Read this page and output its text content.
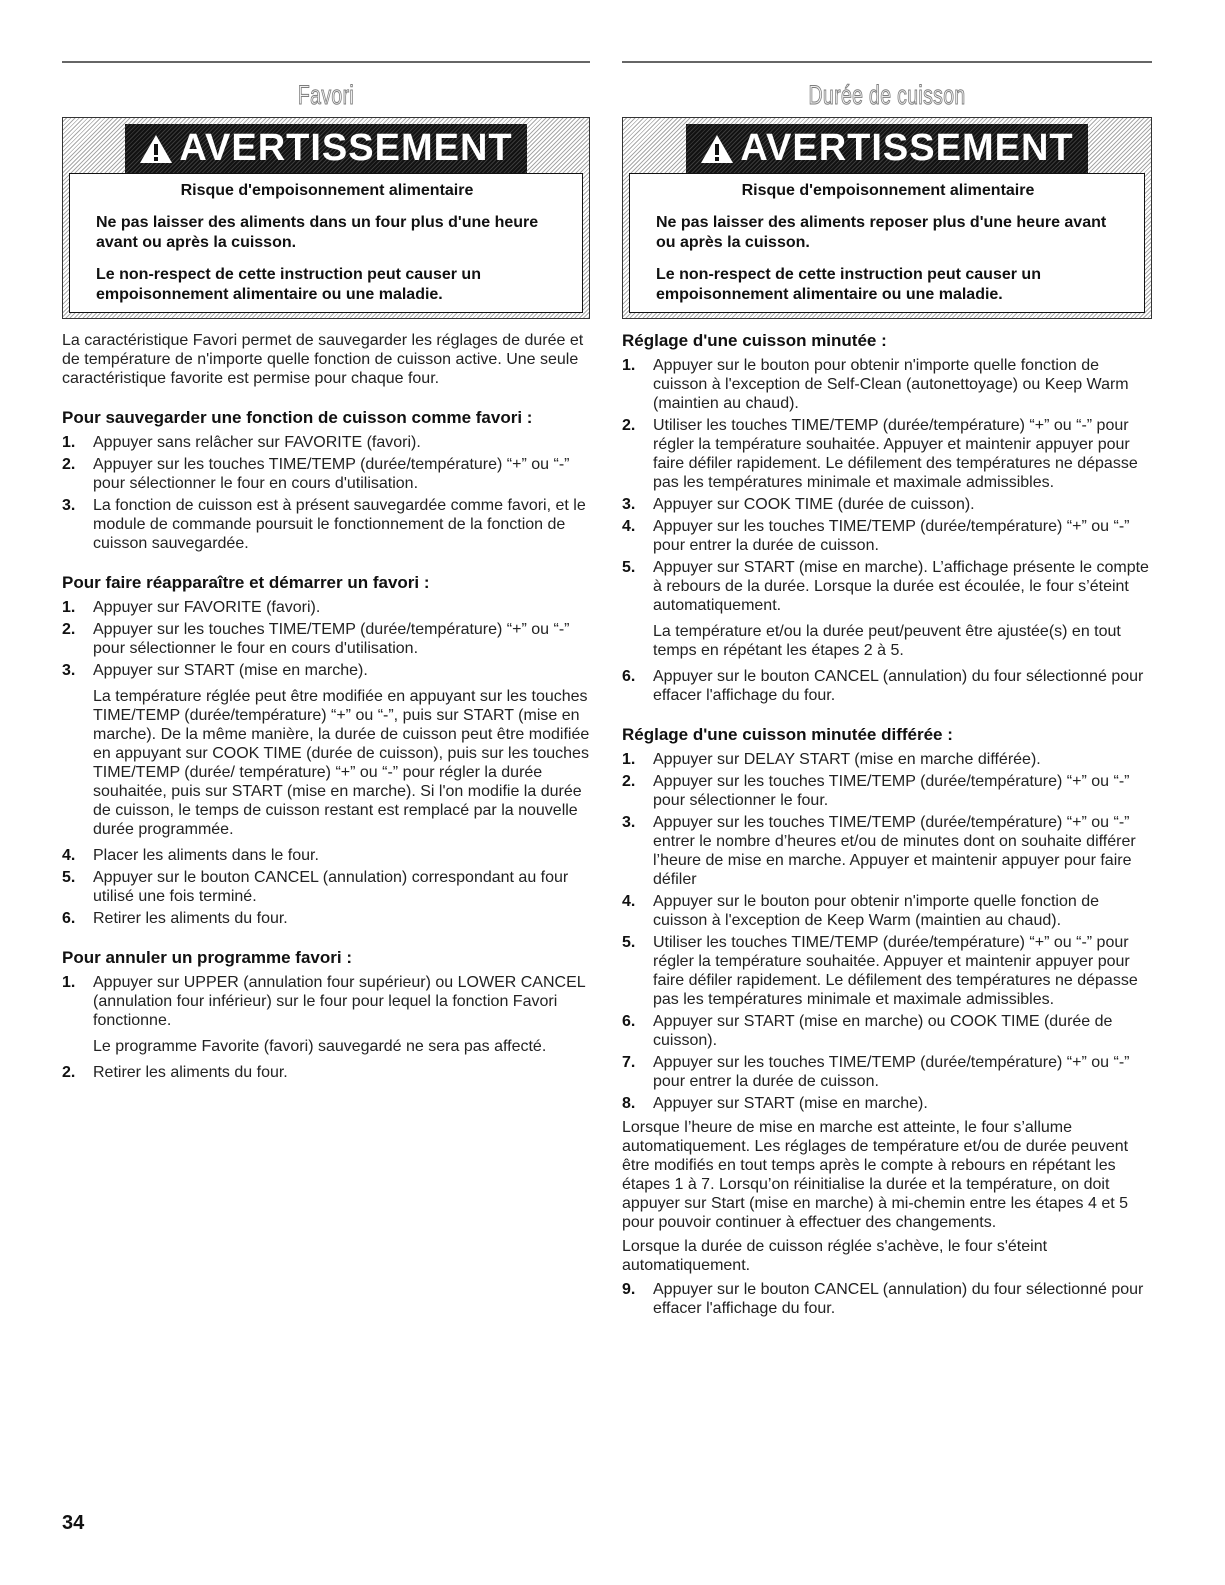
Favori	Durée de cuisson
AVERTISSEMENT

Risque d'empoisonnement alimentaire

Ne pas laisser des aliments dans un four plus d'une heure avant ou après la cuisson.

Le non-respect de cette instruction peut causer un empoisonnement alimentaire ou une maladie.

AVERTISSEMENT

Risque d'empoisonnement alimentaire

Ne pas laisser des aliments reposer plus d'une heure avant ou après la cuisson.

Le non-respect de cette instruction peut causer un empoisonnement alimentaire ou une maladie.

La caractéristique Favori permet de sauvegarder les réglages de durée et de température de n'importe quelle fonction de cuisson active. Une seule caractéristique favorite est permise pour chaque four.

Pour sauvegarder une fonction de cuisson comme favori :
1.	Appuyer sans relâcher sur FAVORITE (favori).
2.	Appuyer sur les touches TIME/TEMP (durée/température) “+” ou “-” pour sélectionner le four en cours d'utilisation.
3.	La fonction de cuisson est à présent sauvegardée comme favori, et le module de commande poursuit le fonctionnement de la fonction de cuisson sauvegardée.
Pour faire réapparaître et démarrer un favori :
1.	Appuyer sur FAVORITE (favori).
2.	Appuyer sur les touches TIME/TEMP (durée/température) “+” ou “-” pour sélectionner le four en cours d'utilisation.
3.	Appuyer sur START (mise en marche).

La température réglée peut être modifiée en appuyant sur les touches TIME/TEMP (durée/température) “+” ou “-”, puis sur START (mise en marche). De la même manière, la durée de cuisson peut être modifiée en appuyant sur COOK TIME (durée de cuisson), puis sur les touches TIME/TEMP (durée/ température) “+” ou “-” pour régler la durée souhaitée, puis sur START (mise en marche). Si l'on modifie la durée de cuisson, le temps de cuisson restant est remplacé par la nouvelle durée programmée.

4.	Placer les aliments dans le four.
5.	Appuyer sur le bouton CANCEL (annulation) correspondant au four utilisé une fois terminé.
6.	Retirer les aliments du four.
Pour annuler un programme favori :
1.	Appuyer sur UPPER (annulation four supérieur) ou LOWER CANCEL (annulation four inférieur) sur le four pour lequel la fonction Favori fonctionne.

Le programme Favorite (favori) sauvegardé ne sera pas affecté.

2.	Retirer les aliments du four.
Réglage d'une cuisson minutée :
1.	Appuyer sur le bouton pour obtenir n'importe quelle fonction de cuisson à l'exception de Self-Clean (autonettoyage) ou Keep Warm (maintien au chaud).
2.	Utiliser les touches TIME/TEMP (durée/température) “+” ou “-” pour régler la température souhaitée. Appuyer et maintenir appuyer pour faire défiler rapidement. Le défilement des températures ne dépasse pas les températures minimale et maximale admissibles.
3.	Appuyer sur COOK TIME (durée de cuisson).
4.	Appuyer sur les touches TIME/TEMP (durée/température) “+” ou “-” pour entrer la durée de cuisson.
5.	Appuyer sur START (mise en marche). L’affichage présente le compte à rebours de la durée. Lorsque la durée est écoulée, le four s’éteint automatiquement.

La température et/ou la durée peut/peuvent être ajustée(s) en tout temps en répétant les étapes 2 à 5.

6.	Appuyer sur le bouton CANCEL (annulation) du four sélectionné pour effacer l'affichage du four.
Réglage d'une cuisson minutée différée :
1.	Appuyer sur DELAY START (mise en marche différée).
2.	Appuyer sur les touches TIME/TEMP (durée/température) “+” ou “-” pour sélectionner le four.
3.	Appuyer sur les touches TIME/TEMP (durée/température) “+” ou “-” entrer le nombre d’heures et/ou de minutes dont on souhaite différer l’heure de mise en marche. Appuyer et maintenir appuyer pour faire défiler
4.	Appuyer sur le bouton pour obtenir n'importe quelle fonction de cuisson à l'exception de Keep Warm (maintien au chaud).
5.	Utiliser les touches TIME/TEMP (durée/température) “+” ou “-” pour régler la température souhaitée. Appuyer et maintenir appuyer pour faire défiler rapidement. Le défilement des températures ne dépasse pas les températures minimale et maximale admissibles.
6.	Appuyer sur START (mise en marche) ou COOK TIME (durée de cuisson).
7.	Appuyer sur les touches TIME/TEMP (durée/température) “+” ou “-” pour entrer la durée de cuisson.
8.	Appuyer sur START (mise en marche).

Lorsque l’heure de mise en marche est atteinte, le four s’allume automatiquement. Les réglages de température et/ou de durée peuvent être modifiés en tout temps après le compte à rebours en répétant les étapes 1 à 7. Lorsqu’on réinitialise la durée et la température, on doit appuyer sur Start (mise en marche) à mi-chemin entre les étapes 4 et 5 pour pouvoir continuer à effectuer des changements.

Lorsque la durée de cuisson réglée s'achève, le four s'éteint automatiquement.

9.	Appuyer sur le bouton CANCEL (annulation) du four sélectionné pour effacer l'affichage du four.
34
